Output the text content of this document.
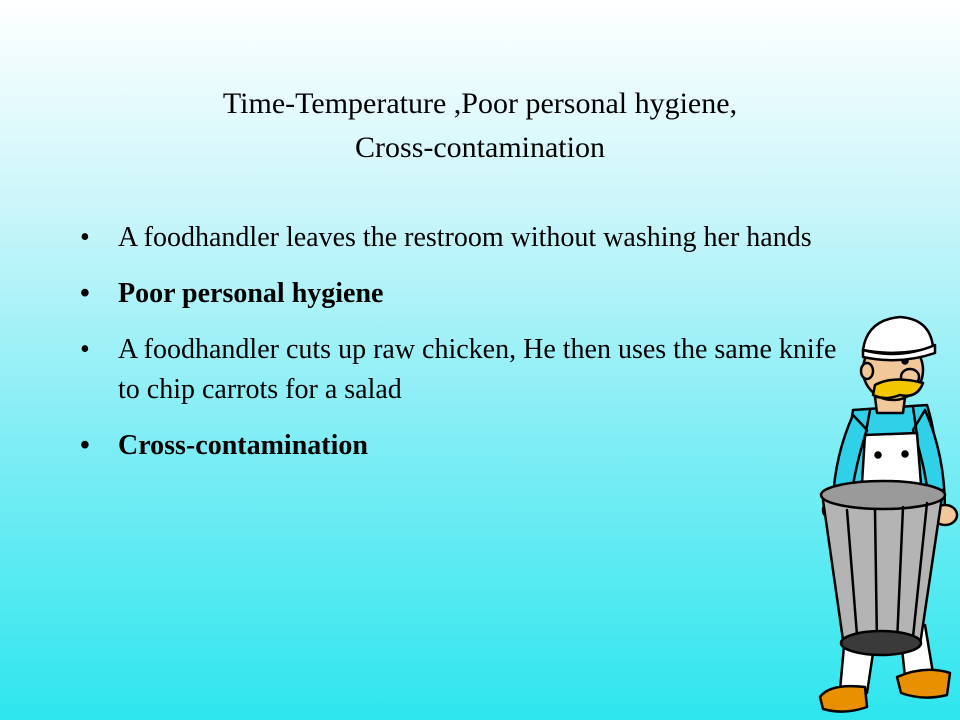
Time-Temperature ,Poor personal hygiene,
Cross-contamination
•	A foodhandler leaves the restroom without washing her hands
•	Poor personal hygiene
•	A foodhandler cuts up raw chicken, He then uses the same knife to chip carrots for a salad
•	Cross-contamination
